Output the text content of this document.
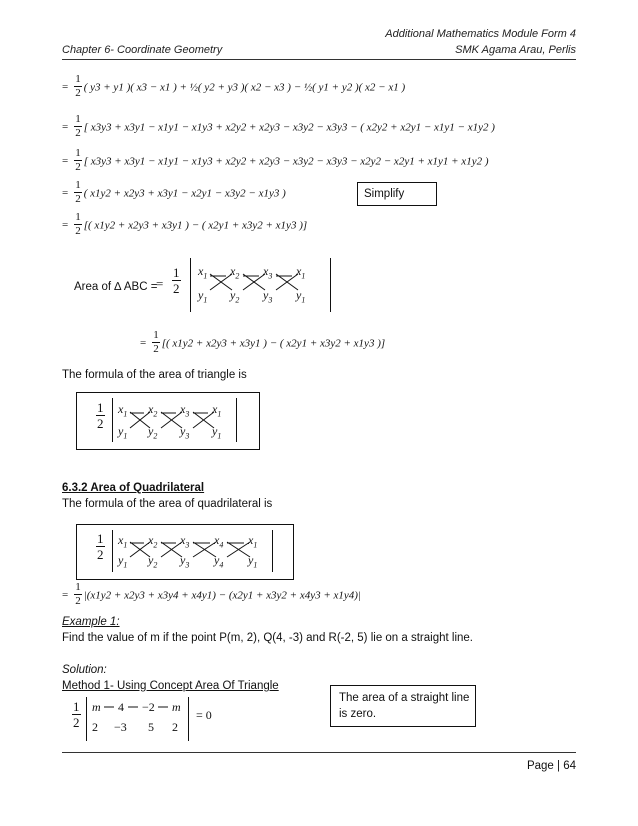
Additional Mathematics Module Form 4
Chapter 6- Coordinate Geometry	SMK Agama Arau, Perlis
= $\frac{1}{2}$ ( y3 + y1 )( x3 − x1 ) + ½( y2 + y3 )( x2 − x3 ) − ½( y1 + y2 )( x2 − x1 )
= $\frac{1}{2}$ [ x3y3 + x3y1 − x1y1 − x1y3 + x2y2 + x2y3 − x3y2 − x3y3 − ( x2y2 + x2y1 − x1y1 − x1y2 )
= $\frac{1}{2}$ [ x3y3 + x3y1 − x1y1 − x1y3 + x2y2 + x2y3 − x3y2 − x3y3 − x2y2 − x2y1 + x1y1 + x1y2 )
= $\frac{1}{2}$ ( x1y2 + x2y3 + x3y1 − x2y1 − x3y2 − x1y3 )	Simplify
= $\frac{1}{2}$ [( x1y2 + x2y3 + x3y1 ) − ( x2y1 + x3y2 + x1y3 )]
Area of ∆ ABC =
= $\frac{1}{2} x_1$ $x_2$ $x_3$ $x_1$
$y_1$ $y_2$ $y_3$ $y_1$
= $\frac{1}{2}$ [( x1y2 + x2y3 + x3y1 ) − ( x2y1 + x3y2 + x1y3 )]
The formula of the area of triangle is
$\frac{1}{2} x_1$ $x_2$ $x_3$ $x_1$
$y_1$ $y_2$ $y_3$ $y_1$
6.3.2 Area of Quadrilateral
The formula of the area of quadrilateral is
$\frac{1}{2} x_1$ $x_2$ $x_3$ $x_4$ $x_1$
$y_1$ $y_2$ $y_3$ $y_4$ $y_1$
= $\frac{1}{2} |(x1y2 + x2y3 + x3y4 + x4y1) - (x2y1 + x3y2 + x4y3 + x1y4)|$
Example 1:
Find the value of m if the point P(m, 2), Q(4, -3) and R(-2, 5) lie on a straight line.
Solution:
Method 1- Using Concept Area Of Triangle
The area of a straight line is zero.
$\frac{1}{2}$ m 4 −2 m
2 −3 5 2
= 0
Page | 64
